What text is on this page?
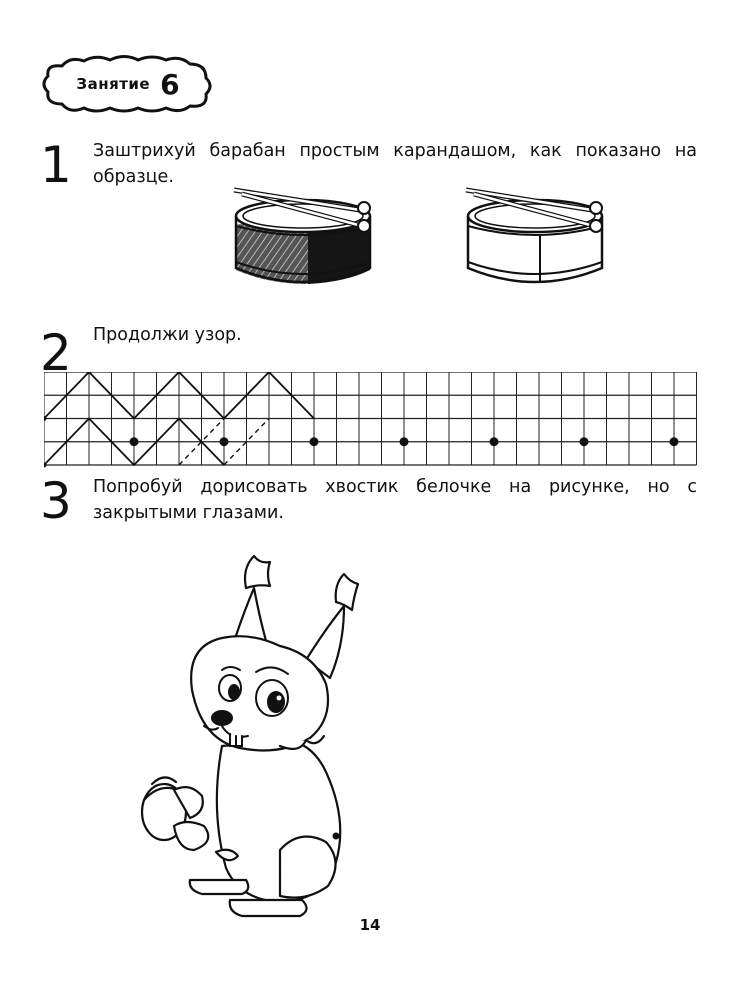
Занятие 6
1 Заштрихуй барабан простым карандашом, как показано на образце.
2 Продолжи узор.
3 Попробуй дорисовать хвостик белочке на рисунке, но с закрытыми глазами.
14
